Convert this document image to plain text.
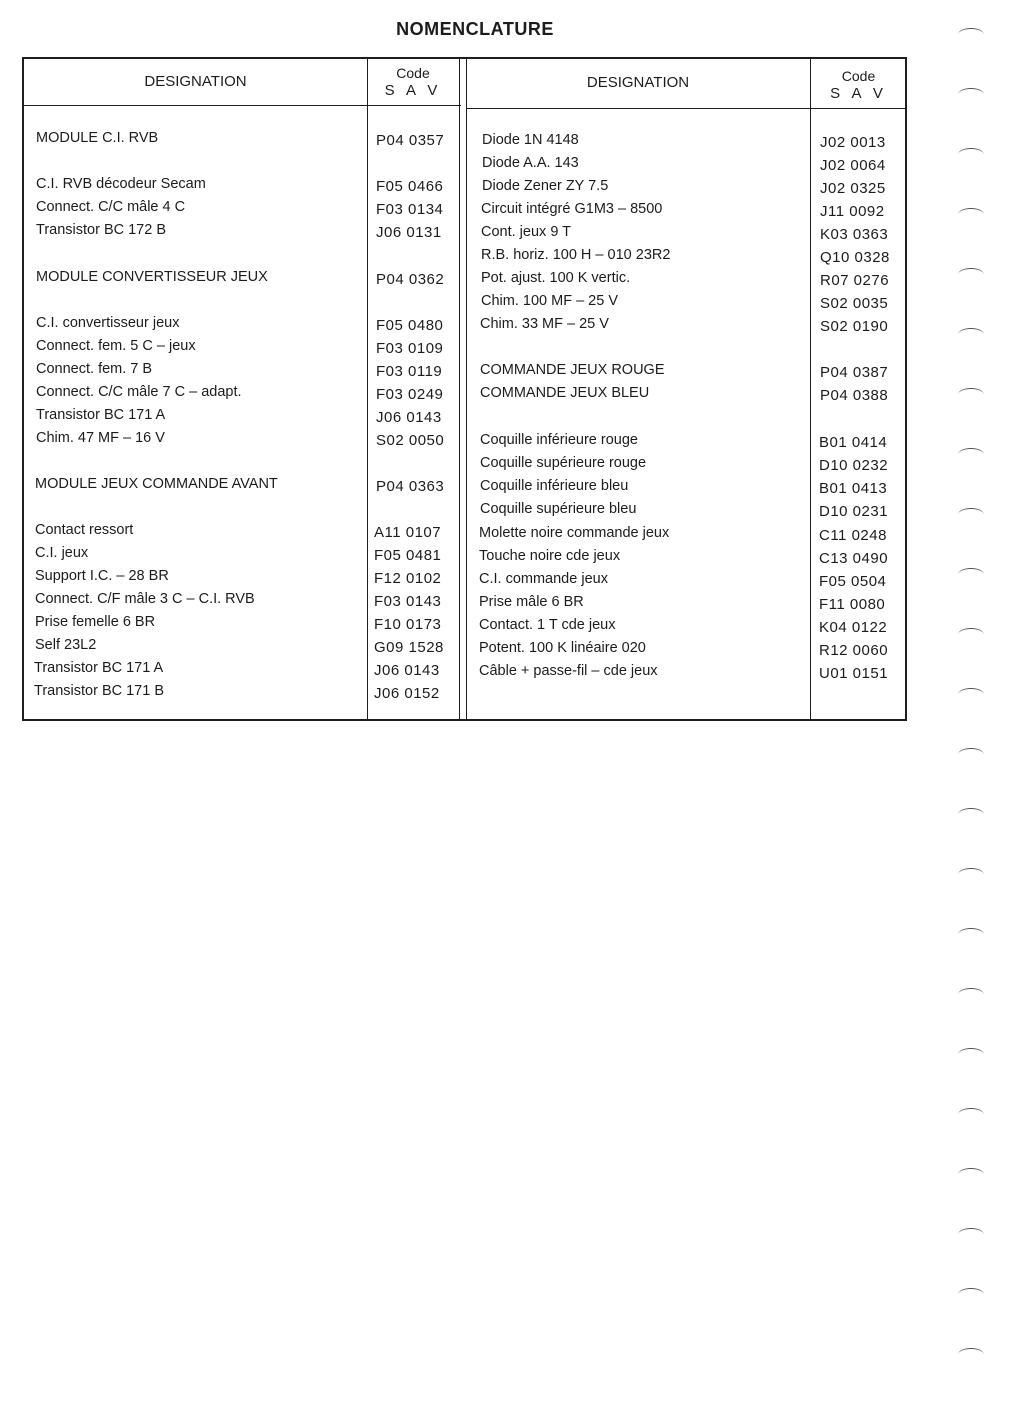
NOMENCLATURE
DESIGNATION	Code
S A V	DESIGNATION	Code
S A V
MODULE C.I. RVB	P04 0357
C.I. RVB décodeur Secam	F05 0466
Connect. C/C mâle 4 C	F03 0134
Transistor BC 172 B	J06 0131
MODULE CONVERTISSEUR JEUX	P04 0362
C.I. convertisseur jeux	F05 0480
Connect. fem. 5 C – jeux	F03 0109
Connect. fem. 7 B	F03 0119
Connect. C/C mâle 7 C – adapt.	F03 0249
Transistor BC 171 A	J06 0143
Chim. 47 MF – 16 V	S02 0050
MODULE JEUX COMMANDE AVANT	P04 0363
Contact ressort	A11 0107
C.I. jeux	F05 0481
Support I.C. – 28 BR	F12 0102
Connect. C/F mâle 3 C – C.I. RVB	F03 0143
Prise femelle 6 BR	F10 0173
Self 23L2	G09 1528
Transistor BC 171 A	J06 0143
Transistor BC 171 B	J06 0152
Diode 1N 4148	J02 0013
Diode A.A. 143	J02 0064
Diode Zener ZY 7.5	J02 0325
Circuit intégré G1M3 – 8500	J11 0092
Cont. jeux 9 T	K03 0363
R.B. horiz. 100 H – 010 23R2	Q10 0328
Pot. ajust. 100 K vertic.	R07 0276
Chim. 100 MF – 25 V	S02 0035
Chim. 33 MF – 25 V	S02 0190
COMMANDE JEUX ROUGE	P04 0387
COMMANDE JEUX BLEU	P04 0388
Coquille inférieure rouge	B01 0414
Coquille supérieure rouge	D10 0232
Coquille inférieure bleu	B01 0413
Coquille supérieure bleu	D10 0231
Molette noire commande jeux	C11 0248
Touche noire cde jeux	C13 0490
C.I. commande jeux	F05 0504
Prise mâle 6 BR	F11 0080
Contact. 1 T cde jeux	K04 0122
Potent. 100 K linéaire 020	R12 0060
Câble + passe-fil – cde jeux	U01 0151
